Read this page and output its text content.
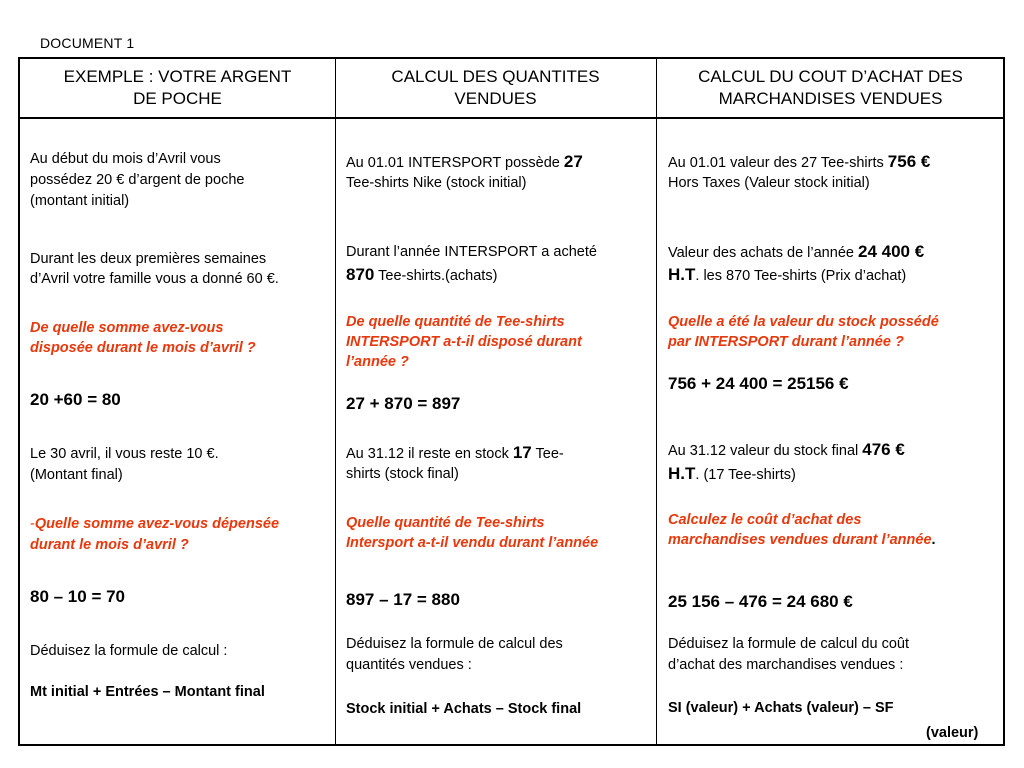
DOCUMENT 1
EXEMPLE : VOTRE ARGENT
DE POCHE
CALCUL DES QUANTITES
VENDUES
CALCUL DU COUT D’ACHAT DES
MARCHANDISES VENDUES
Au début du mois d’Avril vous
possédez 20 € d’argent de poche
(montant initial)
Durant les deux premières semaines
d’Avril votre famille vous a donné 60 €.
De quelle somme avez-vous
disposée durant le mois d’avril ?
20 +60 = 80
Le 30 avril, il vous reste 10 €.
(Montant final)
-Quelle somme avez-vous dépensée
durant le mois d’avril ?
80 – 10 = 70
Déduisez la formule de calcul :
Mt initial + Entrées – Montant final
Au 01.01 INTERSPORT possède 27
Tee-shirts Nike (stock initial)
Durant l’année INTERSPORT a acheté
870 Tee-shirts.(achats)
De quelle quantité de Tee-shirts
INTERSPORT a-t-il disposé durant
l’année ?
27 + 870 = 897
Au 31.12 il reste en stock 17 Tee-
shirts (stock final)
Quelle quantité de Tee-shirts
Intersport a-t-il vendu durant l’année
897 – 17 = 880
Déduisez la formule de calcul des
quantités vendues :
Stock initial + Achats – Stock final
Au 01.01 valeur des 27 Tee-shirts 756 €
Hors Taxes (Valeur stock initial)
Valeur des achats de l’année 24 400 €
H.T. les 870 Tee-shirts (Prix d’achat)
Quelle a été la valeur du stock possédé
par INTERSPORT durant l’année ?
756 + 24 400 = 25156 €
Au 31.12 valeur du stock final 476 €
H.T. (17 Tee-shirts)
Calculez le coût d’achat des
marchandises vendues durant l’année.
25 156 – 476 = 24 680 €
Déduisez la formule de calcul du coût
d’achat des marchandises vendues :
SI (valeur) + Achats (valeur) – SF
(valeur)
